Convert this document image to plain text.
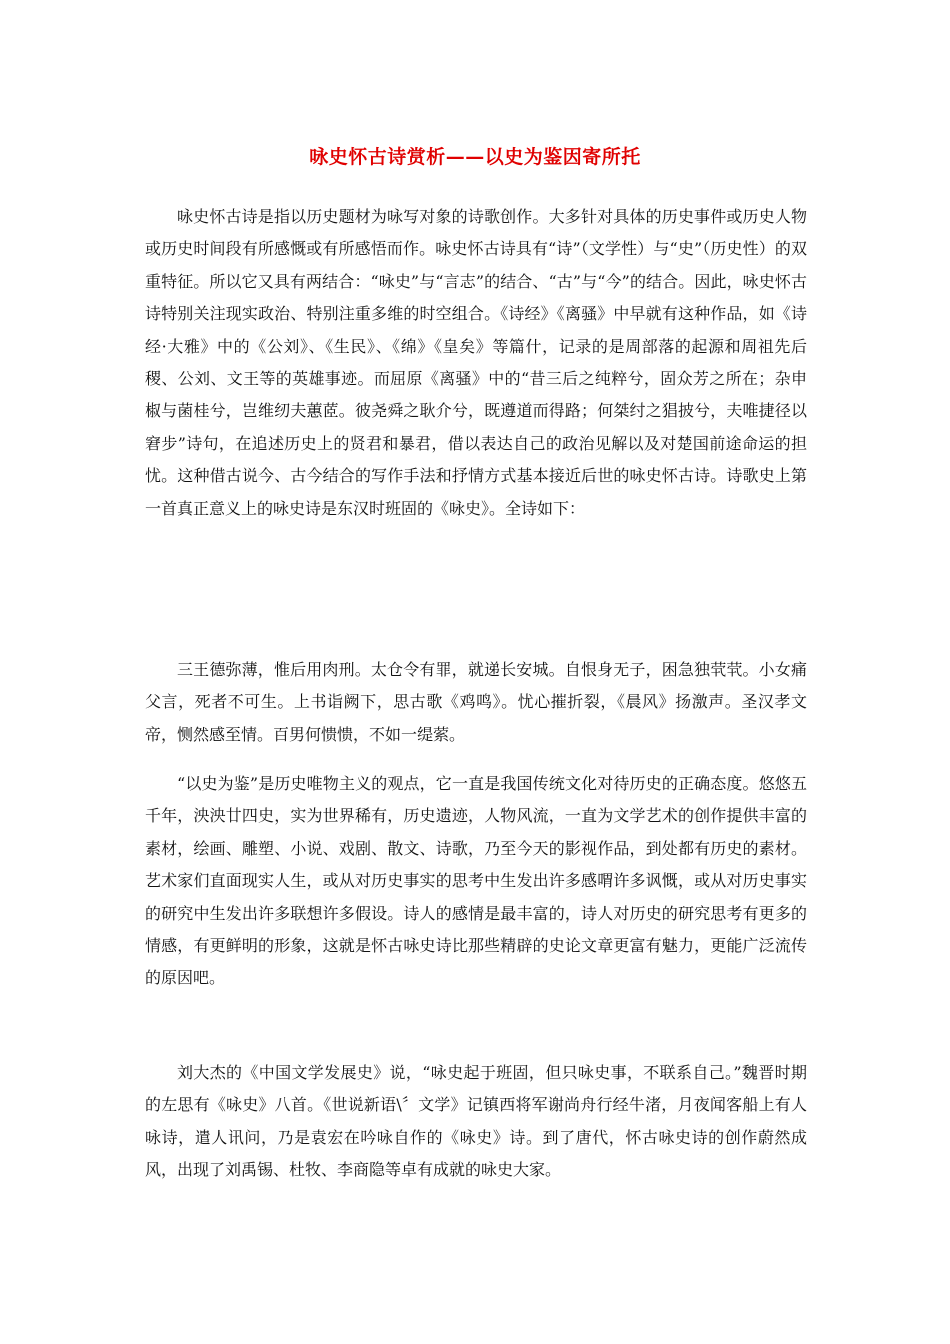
咏史怀古诗赏析——以史为鉴因寄所托

咏史怀古诗是指以历史题材为咏写对象的诗歌创作。大多针对具体的历史事件或历史人物或历史时间段有所感慨或有所感悟而作。咏史怀古诗具有“诗”（文学性）与“史”（历史性）的双重特征。所以它又具有两结合：“咏史”与“言志”的结合、“古”与“今”的结合。因此，咏史怀古诗特别关注现实政治、特别注重多维的时空组合。《诗经》《离骚》中早就有这种作品，如《诗经·大雅》中的《公刘》、《生民》、《绵》《皇矣》等篇什，记录的是周部落的起源和周祖先后稷、公刘、文王等的英雄事迹。而屈原《离骚》中的“昔三后之纯粹兮，固众芳之所在；杂申椒与菌桂兮，岂维纫夫蕙茝。彼尧舜之耿介兮，既遵道而得路；何桀纣之猖披兮，夫唯捷径以窘步”诗句，在追述历史上的贤君和暴君，借以表达自己的政治见解以及对楚国前途命运的担忧。这种借古说今、古今结合的写作手法和抒情方式基本接近后世的咏史怀古诗。诗歌史上第一首真正意义上的咏史诗是东汉时班固的《咏史》。全诗如下：

三王德弥薄，惟后用肉刑。太仓令有罪，就递长安城。自恨身无子，困急独茕茕。小女痛父言，死者不可生。上书诣阙下，思古歌《鸡鸣》。忧心摧折裂，《晨风》扬激声。圣汉孝文帝，恻然感至情。百男何愦愦，不如一缇萦。

“以史为鉴”是历史唯物主义的观点，它一直是我国传统文化对待历史的正确态度。悠悠五千年，泱泱廿四史，实为世界稀有，历史遗迹，人物风流，一直为文学艺术的创作提供丰富的素材，绘画、雕塑、小说、戏剧、散文、诗歌，乃至今天的影视作品，到处都有历史的素材。艺术家们直面现实人生，或从对历史事实的思考中生发出许多感喟许多讽慨，或从对历史事实的研究中生发出许多联想许多假设。诗人的感情是最丰富的，诗人对历史的研究思考有更多的情感，有更鲜明的形象，这就是怀古咏史诗比那些精辟的史论文章更富有魅力，更能广泛流传的原因吧。

刘大杰的《中国文学发展史》说，“咏史起于班固，但只咏史事，不联系自己。”魏晋时期的左思有《咏史》八首。《世说新语\〞文学》记镇西将军谢尚舟行经牛渚，月夜闻客船上有人咏诗，遣人讯问，乃是袁宏在吟咏自作的《咏史》诗。到了唐代，怀古咏史诗的创作蔚然成风，出现了刘禹锡、杜牧、李商隐等卓有成就的咏史大家。
